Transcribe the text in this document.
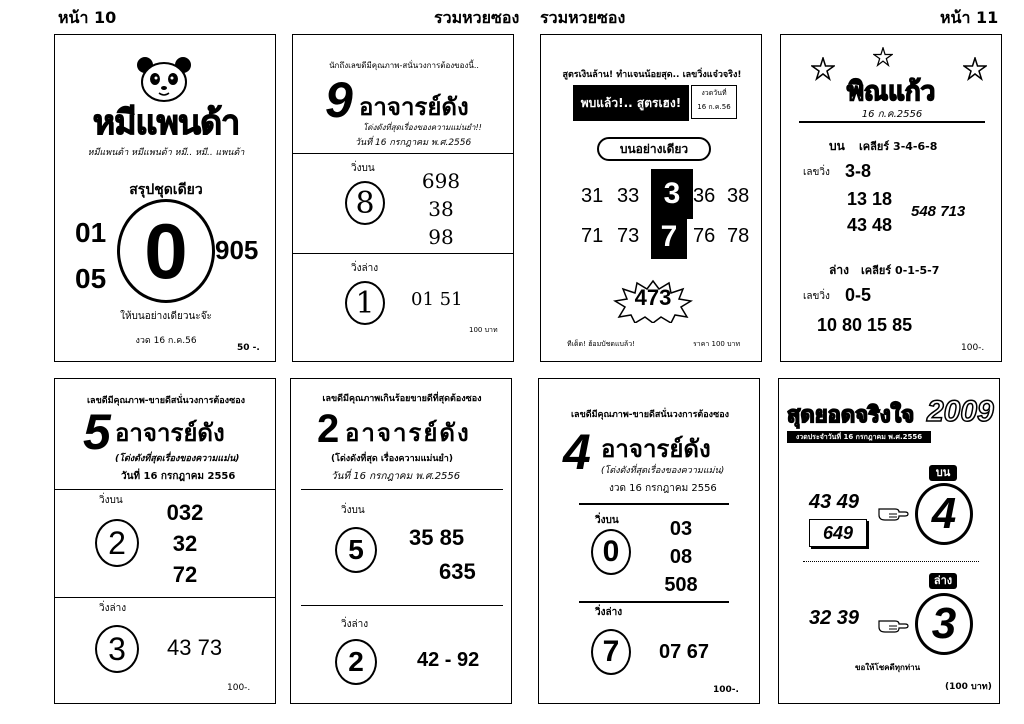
หน้า 10	รวมหวยซอง รวมหวยซอง	หน้า 11
หมีแพนด้า
หมีแพนด้า หมีแพนด้า หมี.. หมี.. แพนด้า
สรุปชุดเดียว
01
05 0 905
ให้บนอย่างเดียวนะจ๊ะ
งวด 16 ก.ค.56
50 -.
นักถึงเลขดีมีคุณภาพ-สนั่นวงการต้องของนี้..
9 อาจารย์ดัง
โด่งดังที่สุดเรื่องของความแม่นยำ!!
วันที่ 16 กรกฎาคม พ.ศ.2556
วิ่งบน
8
698
38
98
วิ่งล่าง
1 01 51
100 บาท
สูตรเงินล้าน! ทำแจนน้อยสุด.. เลขวิ่งแจ๋วจริง!
พบแล้ว!.. สูตรเฮง!
งวดวันที่
16 ก.ค.56
บนอย่างเดียว
31 33 3 36 38
71 73 7 76 78
473
ทีเด็ด! ฮ้อมบัชดแบล้ว!	ราคา 100 บาท
พิณแก้ว
16 ก.ค.2556
บน เคลียร์ 3-4-6-8
เลขวิ่ง 3-8
13 18
43 48
548 713
ล่าง เคลียร์ 0-1-5-7
เลขวิ่ง 0-5
10 80 15 85
100-.
เลขดีมีคุณภาพ-ขายดีสนั่นวงการต้องซอง
5 อาจารย์ดัง
(โด่งดังที่สุดเรื่องของความแม่น)
วันที่ 16 กรกฎาคม 2556
วิ่งบน
2
032
32
72
วิ่งล่าง
3 43 73
100-.
เลขดีมีคุณภาพเกินร้อยขายดีที่สุดต้องซอง
2 อาจารย์ดัง
(โด่งดังที่สุด เรื่องความแม่นยำ)
วันที่ 16 กรกฎาคม พ.ศ.2556
วิ่งบน
5 35 85
635
วิ่งล่าง
2	42 - 92
เลขดีมีคุณภาพ-ขายดีสนั่นวงการต้องซอง
4 อาจารย์ดัง
(โด่งดังที่สุดเรื่องของความแม่น)
งวด 16 กรกฎาคม 2556
วิ่งบน
0
03
08
508
วิ่งล่าง
7 07 67
100-.
สุดยอดจริงใจ 2009
งวดประจำวันที่ 16 กรกฎาคม พ.ศ.2556
43 49
649
บน
4
32 39
ล่าง
3
ขอให้โชคดีทุกท่าน
(100 บาท)
